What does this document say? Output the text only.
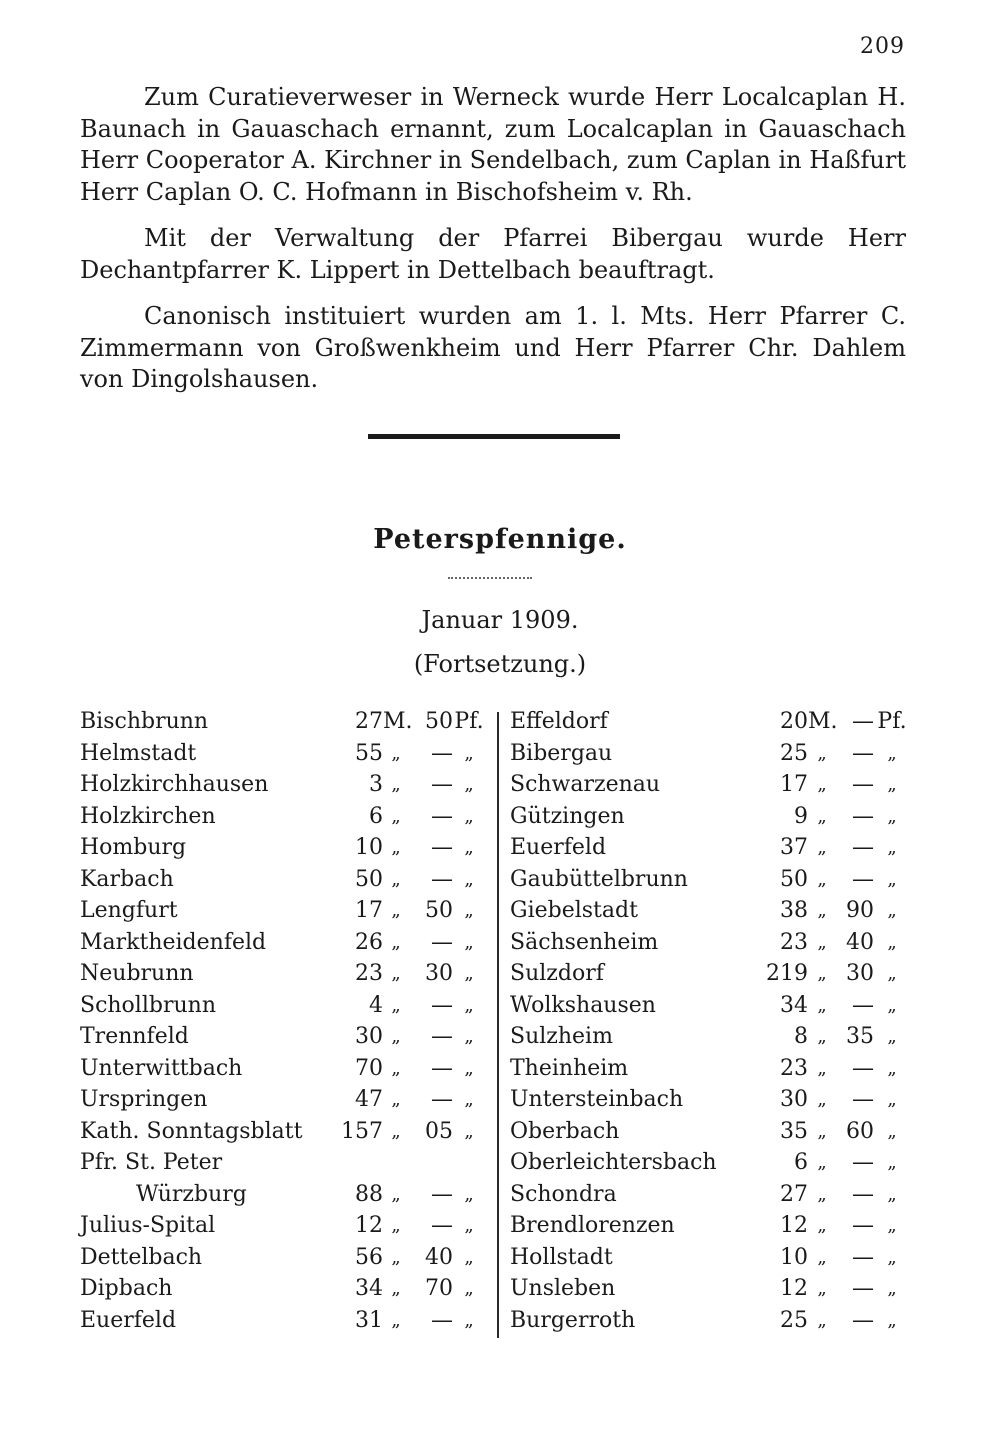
209

Zum Curatieverweser in Werneck wurde Herr Localcaplan H. Baunach in Gauaschach ernannt, zum Localcaplan in Gauaschach Herr Cooperator A. Kirchner in Sendelbach, zum Caplan in Haßfurt Herr Caplan O. C. Hofmann in Bischofsheim v. Rh.

Mit der Verwaltung der Pfarrei Bibergau wurde Herr Dechantpfarrer K. Lippert in Dettelbach beauftragt.

Canonisch instituiert wurden am 1. l. Mts. Herr Pfarrer C. Zimmermann von Großwenkheim und Herr Pfarrer Chr. Dahlem von Dingolshausen.

Peterspfennige.
Januar 1909.
(Fortsetzung.)
Bischbrunn	27 M. 50 Pf.
Helmstadt	55 „	— „
Holzkirchhausen	3 „	— „
Holzkirchen	6 „	— „
Homburg	10 „	— „
Karbach	50 „	— „
Lengfurt	17 „	50 „
Marktheidenfeld	26 „	— „
Neubrunn	23 „	30 „
Schollbrunn	4 „	— „
Trennfeld	30 „	— „
Unterwittbach	70 „	— „
Urspringen	47 „	— „
Kath. Sonntagsblatt	157 „	05 „
Pfr. St. Peter
Würzburg	88 „	— „
Julius-Spital	12 „	— „
Dettelbach	56 „	40 „
Dipbach	34 „	70 „
Euerfeld	31 „	— „
Effeldorf	20 M. — Pf.
Bibergau	25 „	— „
Schwarzenau	17 „	— „
Gützingen	9 „	— „
Euerfeld	37 „	— „
Gaubüttelbrunn	50 „	— „
Giebelstadt	38 „ 90 „
Sächsenheim	23 „ 40 „
Sulzdorf	219 „ 30 „
Wolkshausen	34 „	— „
Sulzheim	8 „ 35 „
Theinheim	23 „	— „
Untersteinbach	30 „	— „
Oberbach	35 „ 60 „
Oberleichtersbach	6 „	— „
Schondra	27 „	— „
Brendlorenzen	12 „	— „
Hollstadt	10 „	— „
Unsleben	12 „	— „
Burgerroth	25 „	— „
